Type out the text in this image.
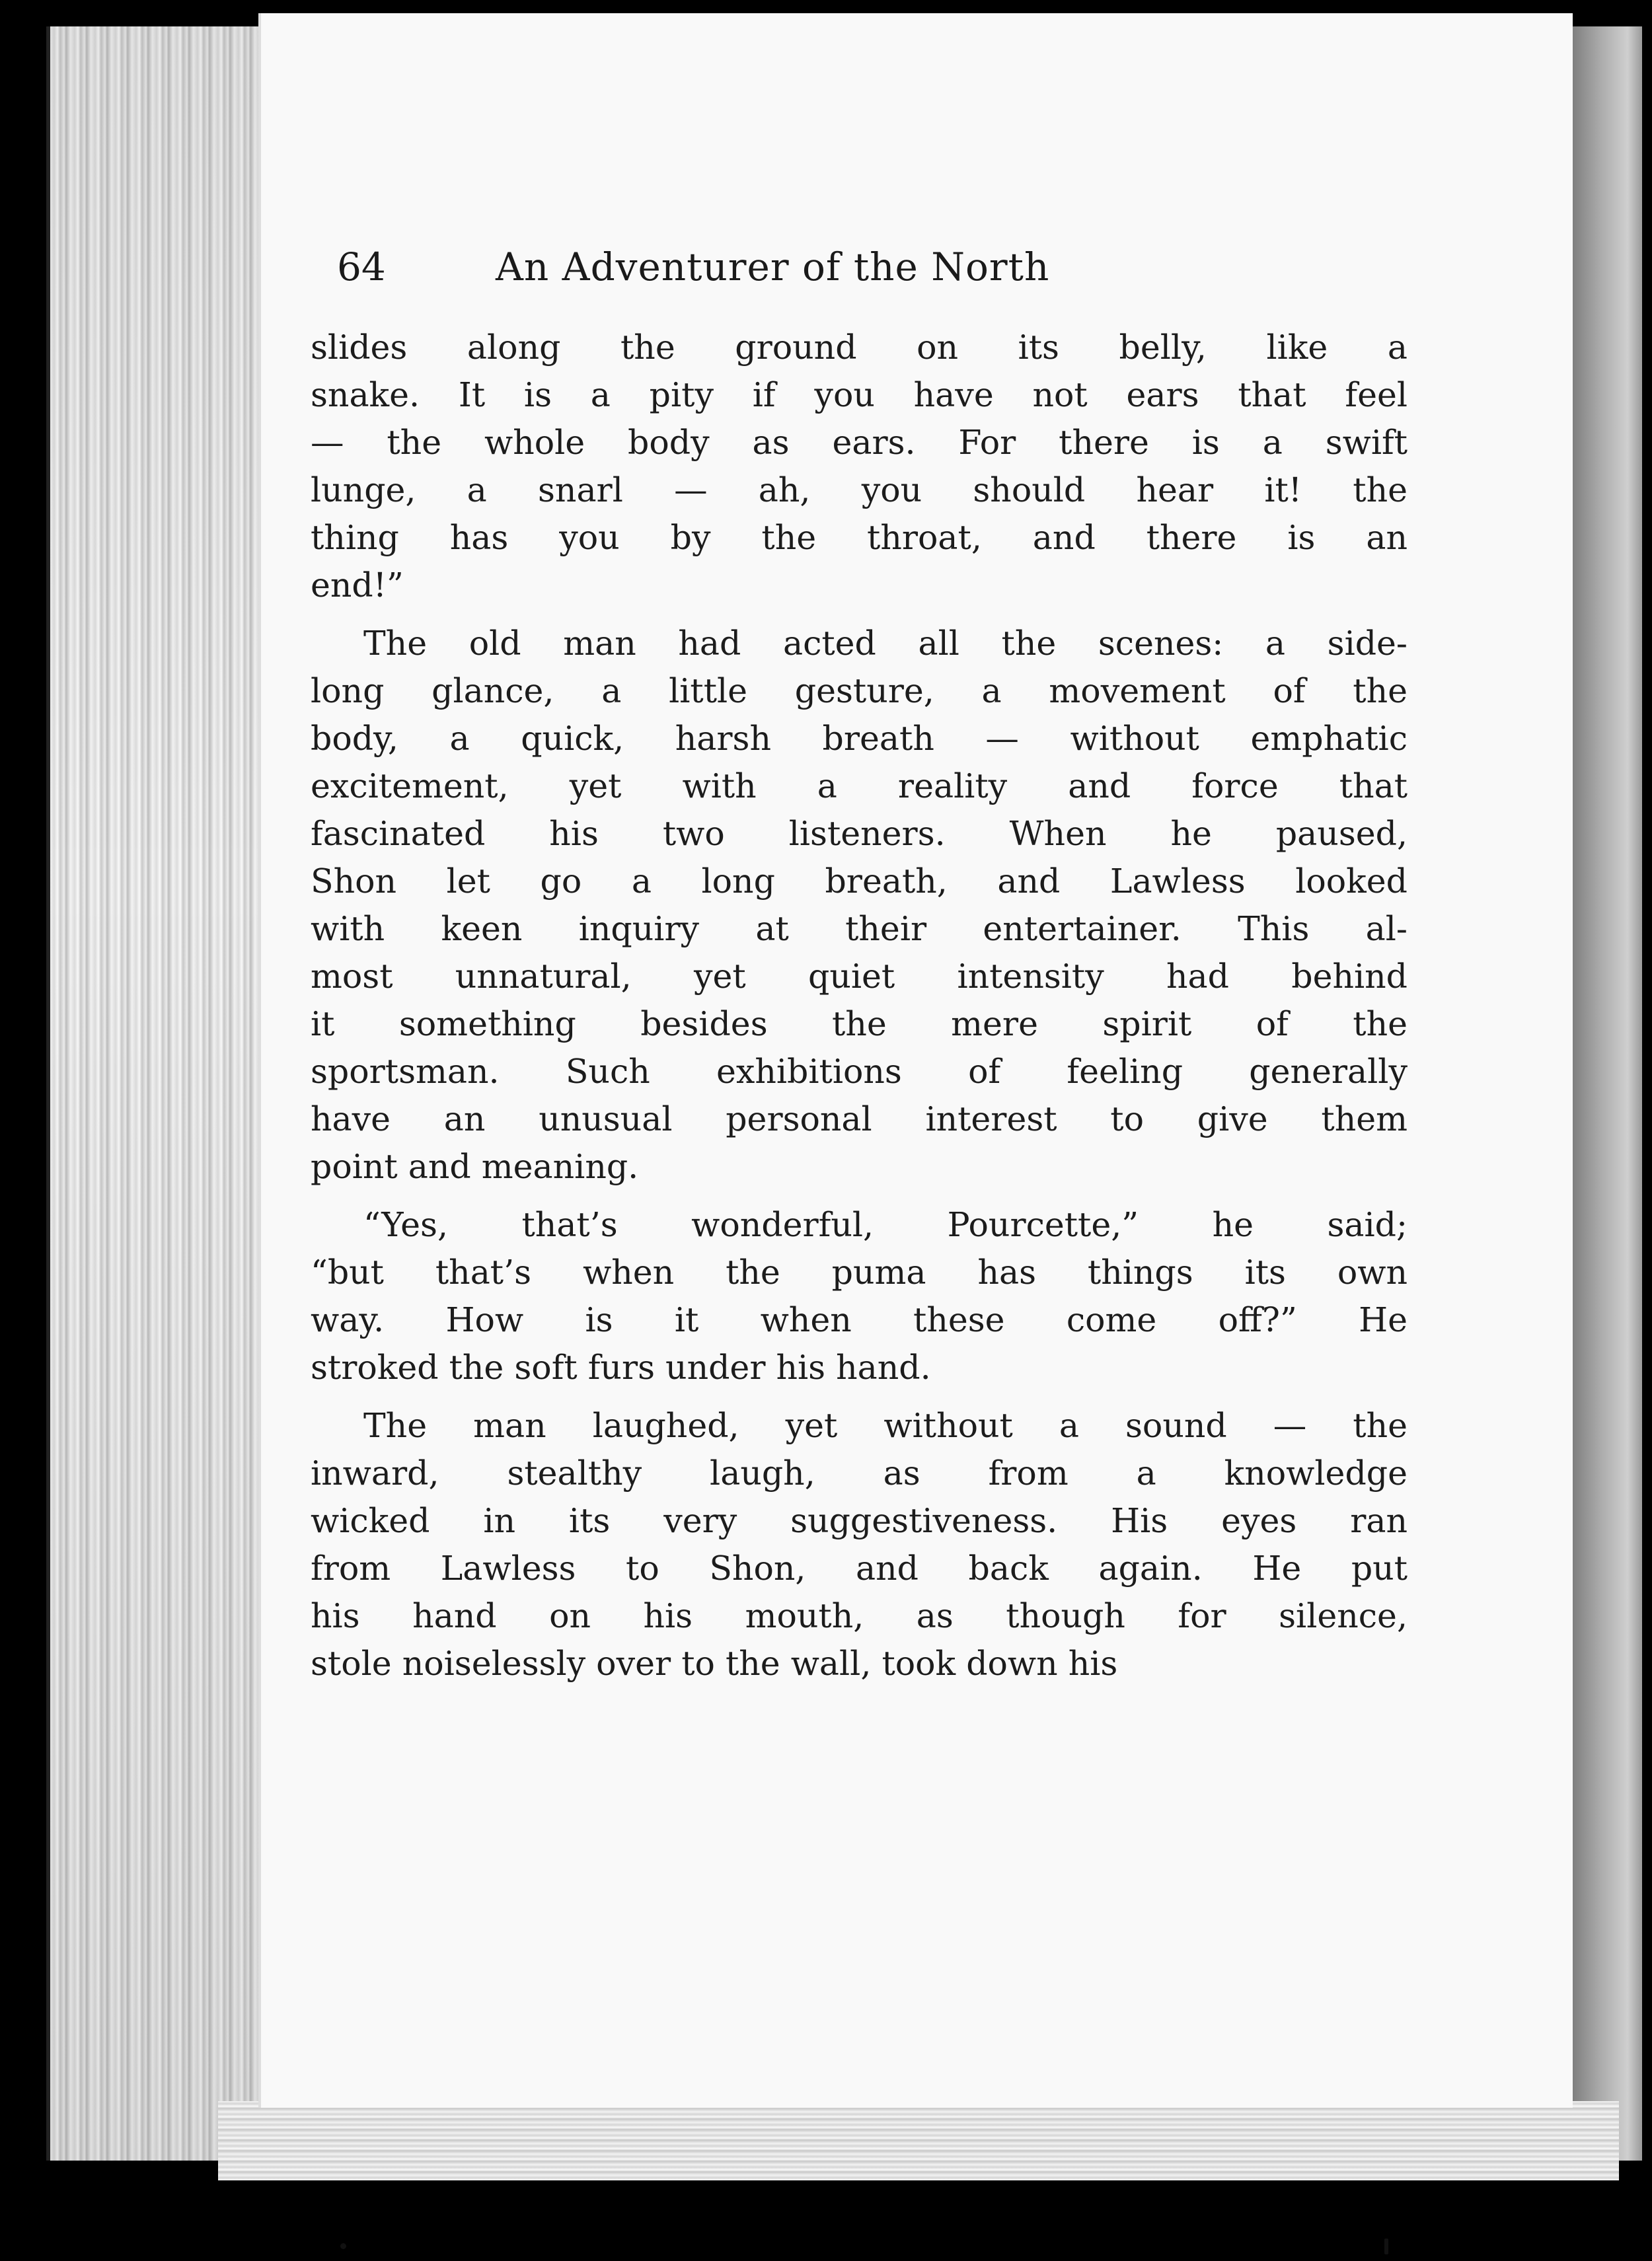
64	An Adventurer of the North
slides along the ground on its belly, like a
snake. It is a pity if you have not ears that feel
— the whole body as ears. For there is a swift
lunge, a snarl — ah, you should hear it! the
thing has you by the throat, and there is an
end!”
The old man had acted all the scenes: a side-
long glance, a little gesture, a movement of the
body, a quick, harsh breath — without emphatic
excitement, yet with a reality and force that
fascinated his two listeners. When he paused,
Shon let go a long breath, and Lawless looked
with keen inquiry at their entertainer. This al-
most unnatural, yet quiet intensity had behind
it something besides the mere spirit of the
sportsman. Such exhibitions of feeling generally
have an unusual personal interest to give them
point and meaning.
“Yes, that’s wonderful, Pourcette,” he said;
“but that’s when the puma has things its own
way. How is it when these come off?” He
stroked the soft furs under his hand.
The man laughed, yet without a sound — the
inward, stealthy laugh, as from a knowledge
wicked in its very suggestiveness. His eyes ran
from Lawless to Shon, and back again. He put
his hand on his mouth, as though for silence,
stole noiselessly over to the wall, took down his
